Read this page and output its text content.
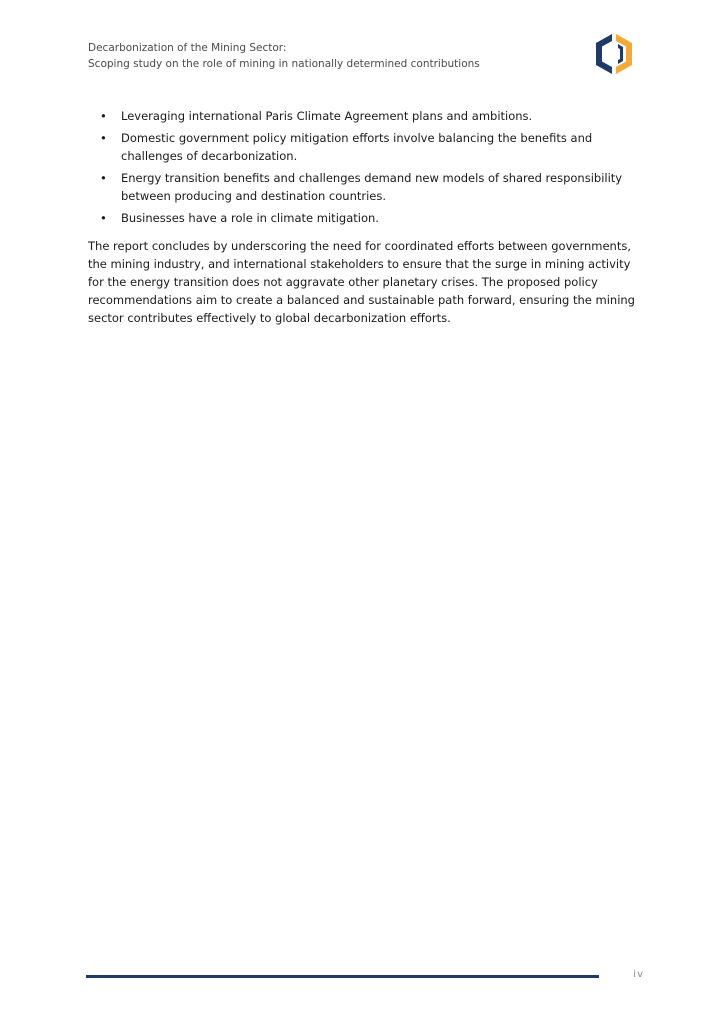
Decarbonization of the Mining Sector:
Scoping study on the role of mining in nationally determined contributions
• Leveraging international Paris Climate Agreement plans and ambitions.
• Domestic government policy mitigation efforts involve balancing the benefits and challenges of decarbonization.
• Energy transition benefits and challenges demand new models of shared responsibility between producing and destination countries.
• Businesses have a role in climate mitigation.

The report concludes by underscoring the need for coordinated efforts between governments, the mining industry, and international stakeholders to ensure that the surge in mining activity for the energy transition does not aggravate other planetary crises. The proposed policy recommendations aim to create a balanced and sustainable path forward, ensuring the mining sector contributes effectively to global decarbonization efforts.

iv
